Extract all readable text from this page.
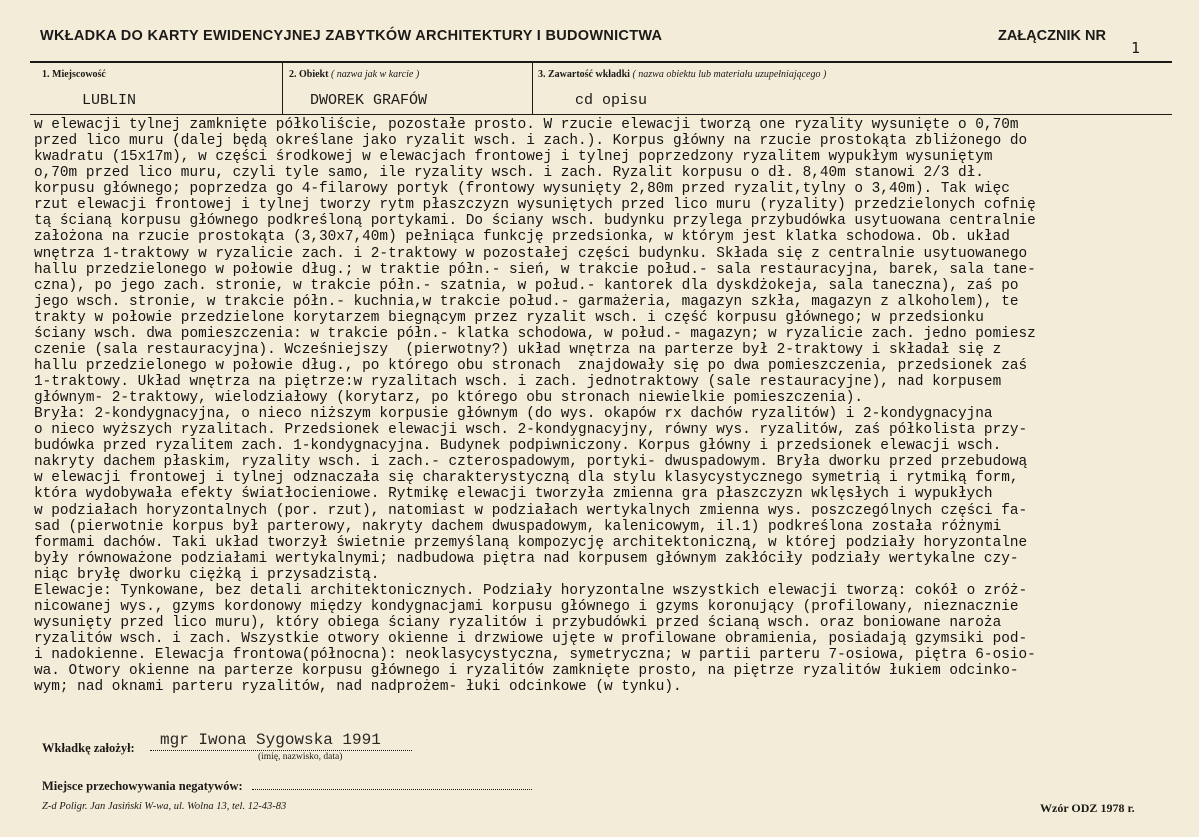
WKŁADKA DO KARTY EWIDENCYJNEJ ZABYTKÓW ARCHITEKTURY I BUDOWNICTWA	ZAŁĄCZNIK NR
1
1. Miejscowość
LUBLIN
2. Obiekt ( nazwa jak w karcie )
DWOREK GRAFÓW
3. Zawartość wkładki ( nazwa obiektu lub materiału uzupełniającego )
cd opisu
w elewacji tylnej zamknięte półkoliście, pozostałe prosto. W rzucie elewacji tworzą one ryzality wysunięte o 0,70m
przed lico muru (dalej będą określane jako ryzalit wsch. i zach.). Korpus główny na rzucie prostokąta zbliżonego do
kwadratu (15x17m), w części środkowej w elewacjach frontowej i tylnej poprzedzony ryzalitem wypukłym wysuniętym
o,70m przed lico muru, czyli tyle samo, ile ryzality wsch. i zach. Ryzalit korpusu o dł. 8,40m stanowi 2/3 dł.
korpusu głównego; poprzedza go 4-filarowy portyk (frontowy wysunięty 2,80m przed ryzalit,tylny o 3,40m). Tak więc
rzut elewacji frontowej i tylnej tworzy rytm płaszczyzn wysuniętych przed lico muru (ryzality) przedzielonych cofnię
tą ścianą korpusu głównego podkreśloną portykami. Do ściany wsch. budynku przylega przybudówka usytuowana centralnie
założona na rzucie prostokąta (3,30x7,40m) pełniąca funkcję przedsionka, w którym jest klatka schodowa. Ob. układ
wnętrza 1-traktowy w ryzalicie zach. i 2-traktowy w pozostałej części budynku. Składa się z centralnie usytuowanego
hallu przedzielonego w połowie dług.; w traktie półn.- sień, w trakcie połud.- sala restauracyjna, barek, sala tane-
czna), po jego zach. stronie, w trakcie półn.- szatnia, w połud.- kantorek dla dyskdżokeja, sala taneczna), zaś po
jego wsch. stronie, w trakcie półn.- kuchnia,w trakcie połud.- garmażeria, magazyn szkła, magazyn z alkoholem), te
trakty w połowie przedzielone korytarzem biegnącym przez ryzalit wsch. i część korpusu głównego; w przedsionku
ściany wsch. dwa pomieszczenia: w trakcie półn.- klatka schodowa, w połud.- magazyn; w ryzalicie zach. jedno pomiesz
czenie (sala restauracyjna). Wcześniejszy  (pierwotny?) układ wnętrza na parterze był 2-traktowy i składał się z
hallu przedzielonego w połowie dług., po którego obu stronach  znajdowały się po dwa pomieszczenia, przedsionek zaś
1-traktowy. Układ wnętrza na piętrze:w ryzalitach wsch. i zach. jednotraktowy (sale restauracyjne), nad korpusem
głównym- 2-traktowy, wielodziałowy (korytarz, po którego obu stronach niewielkie pomieszczenia).
Bryła: 2-kondygnacyjna, o nieco niższym korpusie głównym (do wys. okapów rx dachów ryzalitów) i 2-kondygnacyjna
o nieco wyższych ryzalitach. Przedsionek elewacji wsch. 2-kondygnacyjny, równy wys. ryzalitów, zaś półkolista przy-
budówka przed ryzalitem zach. 1-kondygnacyjna. Budynek podpiwniczony. Korpus główny i przedsionek elewacji wsch.
nakryty dachem płaskim, ryzality wsch. i zach.- czterospadowym, portyki- dwuspadowym. Bryła dworku przed przebudową
w elewacji frontowej i tylnej odznaczała się charakterystyczną dla stylu klasycystycznego symetrią i rytmiką form,
która wydobywała efekty światłocieniowe. Rytmikę elewacji tworzyła zmienna gra płaszczyzn wklęsłych i wypukłych
w podziałach horyzontalnych (por. rzut), natomiast w podziałach wertykalnych zmienna wys. poszczególnych części fa-
sad (pierwotnie korpus był parterowy, nakryty dachem dwuspadowym, kalenicowym, il.1) podkreślona została różnymi
formami dachów. Taki układ tworzył świetnie przemyślaną kompozycję architektoniczną, w której podziały horyzontalne
były równoważone podziałami wertykalnymi; nadbudowa piętra nad korpusem głównym zakłóciły podziały wertykalne czy-
niąc bryłę dworku ciężką i przysadzistą.
Elewacje: Tynkowane, bez detali architektonicznych. Podziały horyzontalne wszystkich elewacji tworzą: cokół o zróż-
nicowanej wys., gzyms kordonowy między kondygnacjami korpusu głównego i gzyms koronujący (profilowany, nieznacznie
wysunięty przed lico muru), który obiega ściany ryzalitów i przybudówki przed ścianą wsch. oraz boniowane naroża
ryzalitów wsch. i zach. Wszystkie otwory okienne i drzwiowe ujęte w profilowane obramienia, posiadają gzymsiki pod-
i nadokienne. Elewacja frontowa(północna): neoklasycystyczna, symetryczna; w partii parteru 7-osiowa, piętra 6-osio-
wa. Otwory okienne na parterze korpusu głównego i ryzalitów zamknięte prosto, na piętrze ryzalitów łukiem odcinko-
wym; nad oknami parteru ryzalitów, nad nadprożem- łuki odcinkowe (w tynku).
Wkładkę założył: mgr Iwona Sygowska 1991
(imię, nazwisko, data)
Miejsce przechowywania negatywów:
Z-d Poligr. Jan Jasiński W-wa, ul. Wolna 13, tel. 12-43-83	Wzór ODZ 1978 r.
